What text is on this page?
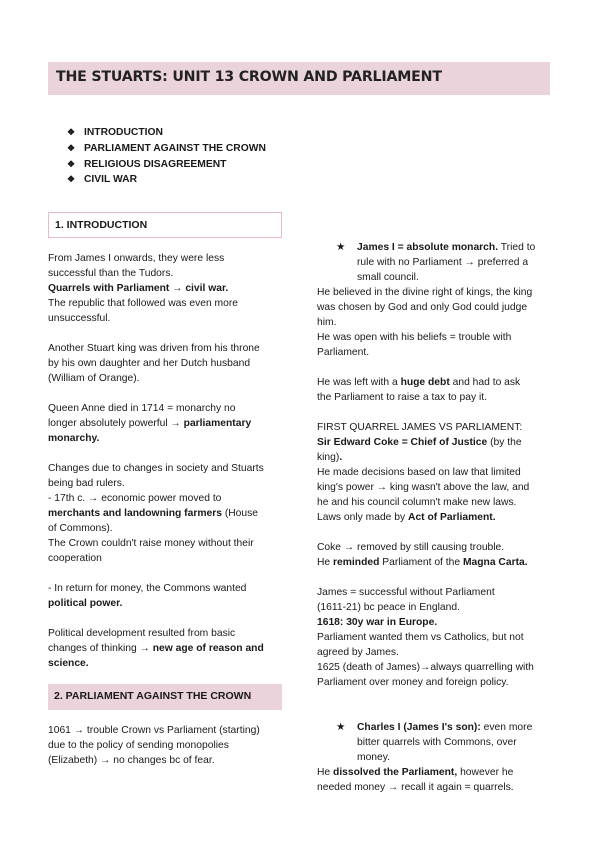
THE STUARTS: UNIT 13 CROWN AND PARLIAMENT
❖ INTRODUCTION
❖ PARLIAMENT AGAINST THE CROWN
❖ RELIGIOUS DISAGREEMENT
❖ CIVIL WAR
1. INTRODUCTION

From James I onwards, they were less

successful than the Tudors.

Quarrels with Parliament → civil war.

The republic that followed was even more

unsuccessful.

Another Stuart king was driven from his throne

by his own daughter and her Dutch husband

(William of Orange).

Queen Anne died in 1714 = monarchy no

longer absolutely powerful → parliamentary

monarchy.

Changes due to changes in society and Stuarts

being bad rulers.

- 17th c. → economic power moved to

merchants and landowning farmers (House

of Commons).

The Crown couldn't raise money without their

cooperation

- In return for money, the Commons wanted

political power.

Political development resulted from basic

changes of thinking → new age of reason and

science.

2. PARLIAMENT AGAINST THE CROWN

1061 → trouble Crown vs Parliament (starting)

due to the policy of sending monopolies

(Elizabeth) → no changes bc of fear.

★	James I = absolute monarch. Tried to

rule with no Parliament → preferred a

small council.

He believed in the divine right of kings, the king

was chosen by God and only God could judge

him.

He was open with his beliefs = trouble with

Parliament.

He was left with a huge debt and had to ask

the Parliament to raise a tax to pay it.

FIRST QUARREL JAMES VS PARLIAMENT:

Sir Edward Coke = Chief of Justice (by the

king).

He made decisions based on law that limited

king's power → king wasn't above the law, and

he and his council column't make new laws.

Laws only made by Act of Parliament.

Coke → removed by still causing trouble.

He reminded Parliament of the Magna Carta.

James = successful without Parliament

(1611-21) bc peace in England.

1618: 30y war in Europe.

Parliament wanted them vs Catholics, but not

agreed by James.

1625 (death of James)→always quarrelling with

Parliament over money and foreign policy.

★	Charles I (James I's son): even more

bitter quarrels with Commons, over

money.

He dissolved the Parliament, however he

needed money → recall it again = quarrels.
